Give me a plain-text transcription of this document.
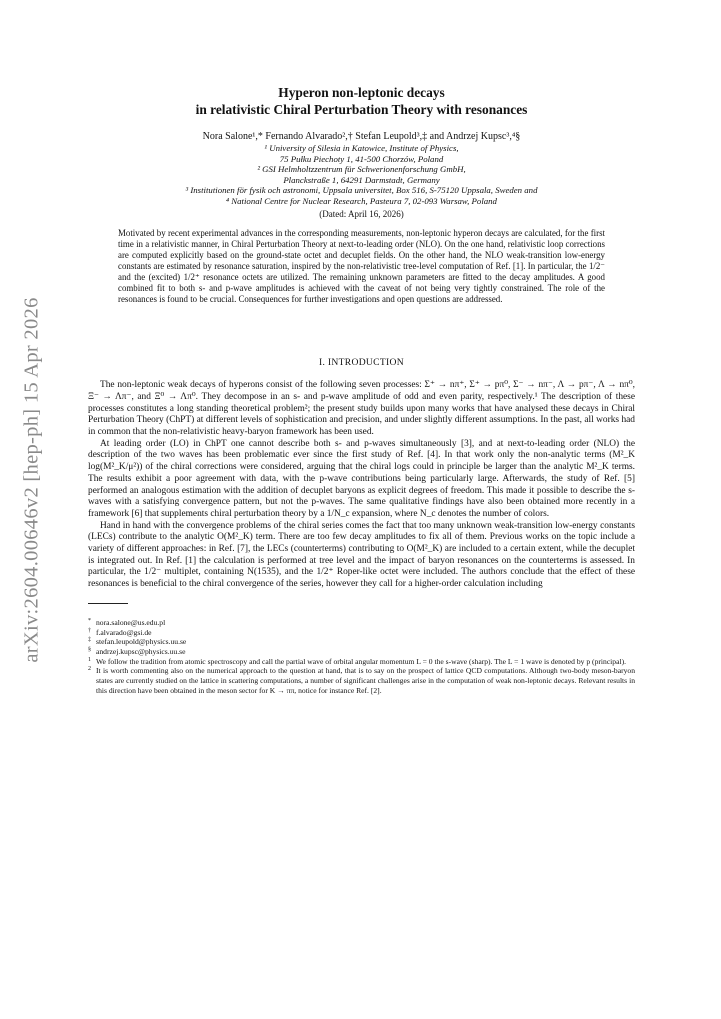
arXiv:2604.00646v2 [hep-ph] 15 Apr 2026
Hyperon non-leptonic decays
in relativistic Chiral Perturbation Theory with resonances
Nora Salone¹,* Fernando Alvarado²,† Stefan Leupold³,‡ and Andrzej Kupsc³,⁴§
¹ University of Silesia in Katowice, Institute of Physics,
75 Pułku Piechoty 1, 41-500 Chorzów, Poland
² GSI Helmholtzzentrum für Schwerionenforschung GmbH,
Planckstraße 1, 64291 Darmstadt, Germany
³ Institutionen för fysik och astronomi, Uppsala universitet, Box 516, S-75120 Uppsala, Sweden and
⁴ National Centre for Nuclear Research, Pasteura 7, 02-093 Warsaw, Poland
(Dated: April 16, 2026)
Motivated by recent experimental advances in the corresponding measurements, non-leptonic hyperon decays are calculated, for the first time in a relativistic manner, in Chiral Perturbation Theory at next-to-leading order (NLO). On the one hand, relativistic loop corrections are computed explicitly based on the ground-state octet and decuplet fields. On the other hand, the NLO weak-transition low-energy constants are estimated by resonance saturation, inspired by the non-relativistic tree-level computation of Ref. [1]. In particular, the 1/2⁻ and the (excited) 1/2⁺ resonance octets are utilized. The remaining unknown parameters are fitted to the decay amplitudes. A good combined fit to both s- and p-wave amplitudes is achieved with the caveat of not being very tightly constrained. The role of the resonances is found to be crucial. Consequences for further investigations and open questions are addressed.
I. INTRODUCTION

The non-leptonic weak decays of hyperons consist of the following seven processes: Σ⁺ → nπ⁺, Σ⁺ → pπ⁰, Σ⁻ → nπ⁻, Λ → pπ⁻, Λ → nπ⁰, Ξ⁻ → Λπ⁻, and Ξ⁰ → Λπ⁰. They decompose in an s- and p-wave amplitude of odd and even parity, respectively.¹ The description of these processes constitutes a long standing theoretical problem²; the present study builds upon many works that have analysed these decays in Chiral Perturbation Theory (ChPT) at different levels of sophistication and precision, and under slightly different assumptions. In the past, all works had in common that the non-relativistic heavy-baryon framework has been used.

At leading order (LO) in ChPT one cannot describe both s- and p-waves simultaneously [3], and at next-to-leading order (NLO) the description of the two waves has been problematic ever since the first study of Ref. [4]. In that work only the non-analytic terms (M²_K log(M²_K/μ²)) of the chiral corrections were considered, arguing that the chiral logs could in principle be larger than the analytic M²_K terms. The results exhibit a poor agreement with data, with the p-wave contributions being particularly large. Afterwards, the study of Ref. [5] performed an analogous estimation with the addition of decuplet baryons as explicit degrees of freedom. This made it possible to describe the s-waves with a satisfying convergence pattern, but not the p-waves. The same qualitative findings have also been obtained more recently in a framework [6] that supplements chiral perturbation theory by a 1/N_c expansion, where N_c denotes the number of colors.

Hand in hand with the convergence problems of the chiral series comes the fact that too many unknown weak-transition low-energy constants (LECs) contribute to the analytic O(M²_K) term. There are too few decay amplitudes to fix all of them. Previous works on the topic include a variety of different approaches: in Ref. [7], the LECs (counterterms) contributing to O(M²_K) are included to a certain extent, while the decuplet is integrated out. In Ref. [1] the calculation is performed at tree level and the impact of baryon resonances on the counterterms is assessed. In particular, the 1/2⁻ multiplet, containing N(1535), and the 1/2⁺ Roper-like octet were included. The authors conclude that the effect of these resonances is beneficial to the chiral convergence of the series, however they call for a higher-order calculation including

* nora.salone@us.edu.pl
† f.alvarado@gsi.de
‡ stefan.leupold@physics.uu.se
§ andrzej.kupsc@physics.uu.se
1 We follow the tradition from atomic spectroscopy and call the partial wave of orbital angular momentum L = 0 the s-wave (sharp). The L = 1 wave is denoted by p (principal).
2 It is worth commenting also on the numerical approach to the question at hand, that is to say on the prospect of lattice QCD computations. Although two-body meson-baryon states are currently studied on the lattice in scattering computations, a number of significant challenges arise in the computation of weak non-leptonic decays. Relevant results in this direction have been obtained in the meson sector for K → ππ, notice for instance Ref. [2].
